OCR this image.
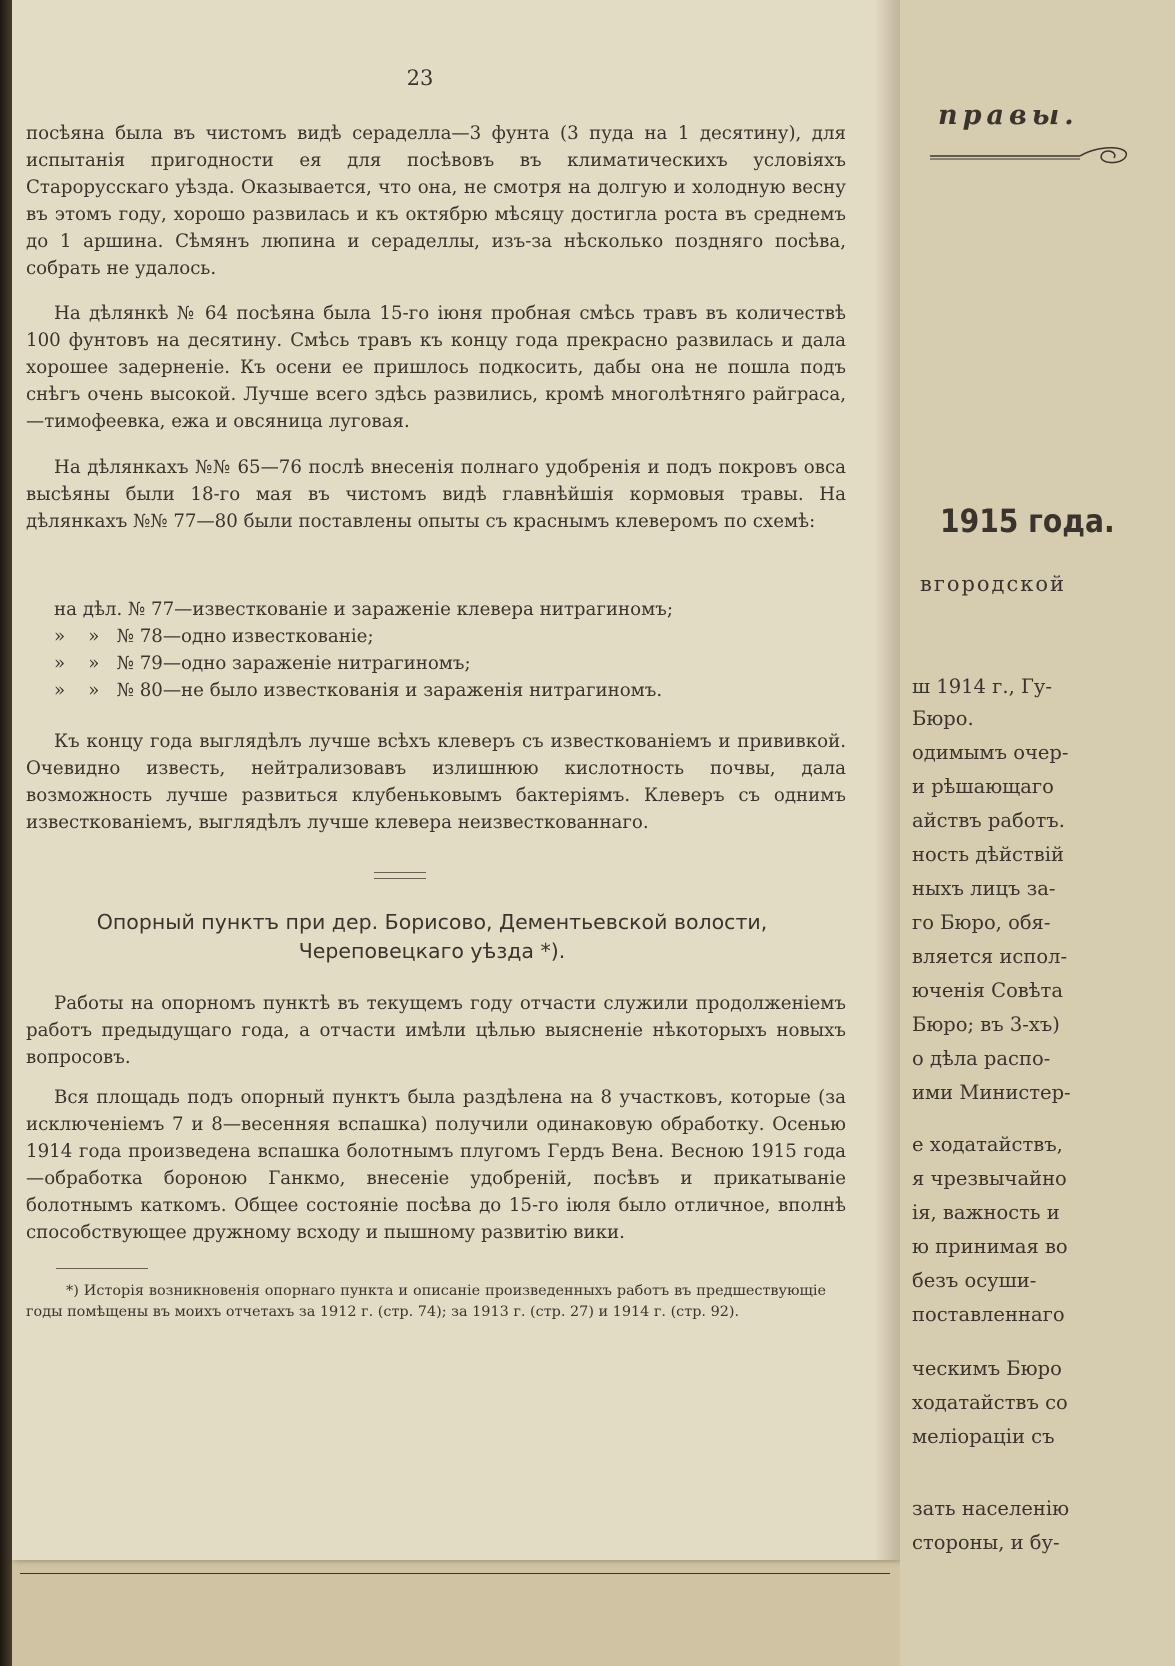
23

посѣяна была въ чистомъ видѣ сераделла—3 фунта (3 пуда на 1 десятину), для испытанія пригодности ея для посѣвовъ въ климатическихъ условіяхъ Старорусскаго уѣзда. Оказывается, что она, не смотря на долгую и холодную весну въ этомъ году, хорошо развилась и къ октябрю мѣсяцу достигла роста въ среднемъ до 1 аршина. Сѣмянъ люпина и сераделлы, изъ-за нѣсколько поздняго посѣва, собрать не удалось.

На дѣлянкѣ № 64 посѣяна была 15-го іюня пробная смѣсь травъ въ количествѣ 100 фунтовъ на десятину. Смѣсь травъ къ концу года прекрасно развилась и дала хорошее задерненіе. Къ осени ее пришлось подкосить, дабы она не пошла подъ снѣгъ очень высокой. Лучше всего здѣсь развились, кромѣ многолѣтняго райграса,—тимофеевка, ежа и овсяница луговая.

На дѣлянкахъ №№ 65—76 послѣ внесенія полнаго удобренія и подъ покровъ овса высѣяны были 18-го мая въ чистомъ видѣ главнѣйшія кормовыя травы. На дѣлянкахъ №№ 77—80 были поставлены опыты съ краснымъ клеверомъ по схемѣ:

на дѣл. № 77—известкованіе и зараженіе клевера нитрагиномъ;
»    »   № 78—одно известкованіе;
»    »   № 79—одно зараженіе нитрагиномъ;
»    »   № 80—не было известкованія и зараженія нитрагиномъ.

Къ концу года выглядѣлъ лучше всѣхъ клеверъ съ известкованіемъ и прививкой. Очевидно известь, нейтрализовавъ излишнюю кислотность почвы, дала возможность лучше развиться клубеньковымъ бактеріямъ. Клеверъ съ однимъ известкованіемъ, выглядѣлъ лучше клевера неизвесткованнаго.

Опорный пунктъ при дер. Борисово, Дементьевской волости,
Череповецкаго уѣзда *).

Работы на опорномъ пунктѣ въ текущемъ году отчасти служили продолженіемъ работъ предыдущаго года, а отчасти имѣли цѣлью выясненіе нѣкоторыхъ новыхъ вопросовъ.

Вся площадь подъ опорный пунктъ была раздѣлена на 8 участковъ, которые (за исключеніемъ 7 и 8—весенняя вспашка) получили одинаковую обработку. Осенью 1914 года произведена вспашка болотнымъ плугомъ Гердъ Вена. Весною 1915 года—обработка бороною Ганкмо, внесеніе удобреній, посѣвъ и прикатываніе болотнымъ каткомъ. Общее состояніе посѣва до 15-го іюля было отличное, вполнѣ способствующее дружному всходу и пышному развитію вики.

*) Исторія возникновенія опорнаго пункта и описаніе произведенныхъ работъ въ предшествующіе годы помѣщены въ моихъ отчетахъ за 1912 г. (стр. 74); за 1913 г. (стр. 27) и 1914 г. (стр. 92).

правы.
1915 года.
вгородской
ш 1914 г., Гу-
Бюро.
одимымъ очер-
и рѣшающаго
айствъ работъ.
ность дѣйствій
ныхъ лицъ за-
го Бюро, обя-
вляется испол-
юченія Совѣта
Бюро; въ 3-хъ)
о дѣла распо-
ими Министер-
е ходатайствъ,
я чрезвычайно
ія, важность и
ю принимая во
безъ осуши-
поставленнаго
ческимъ Бюро
ходатайствъ со
меліораціи съ
зать населенію
стороны, и бу-
